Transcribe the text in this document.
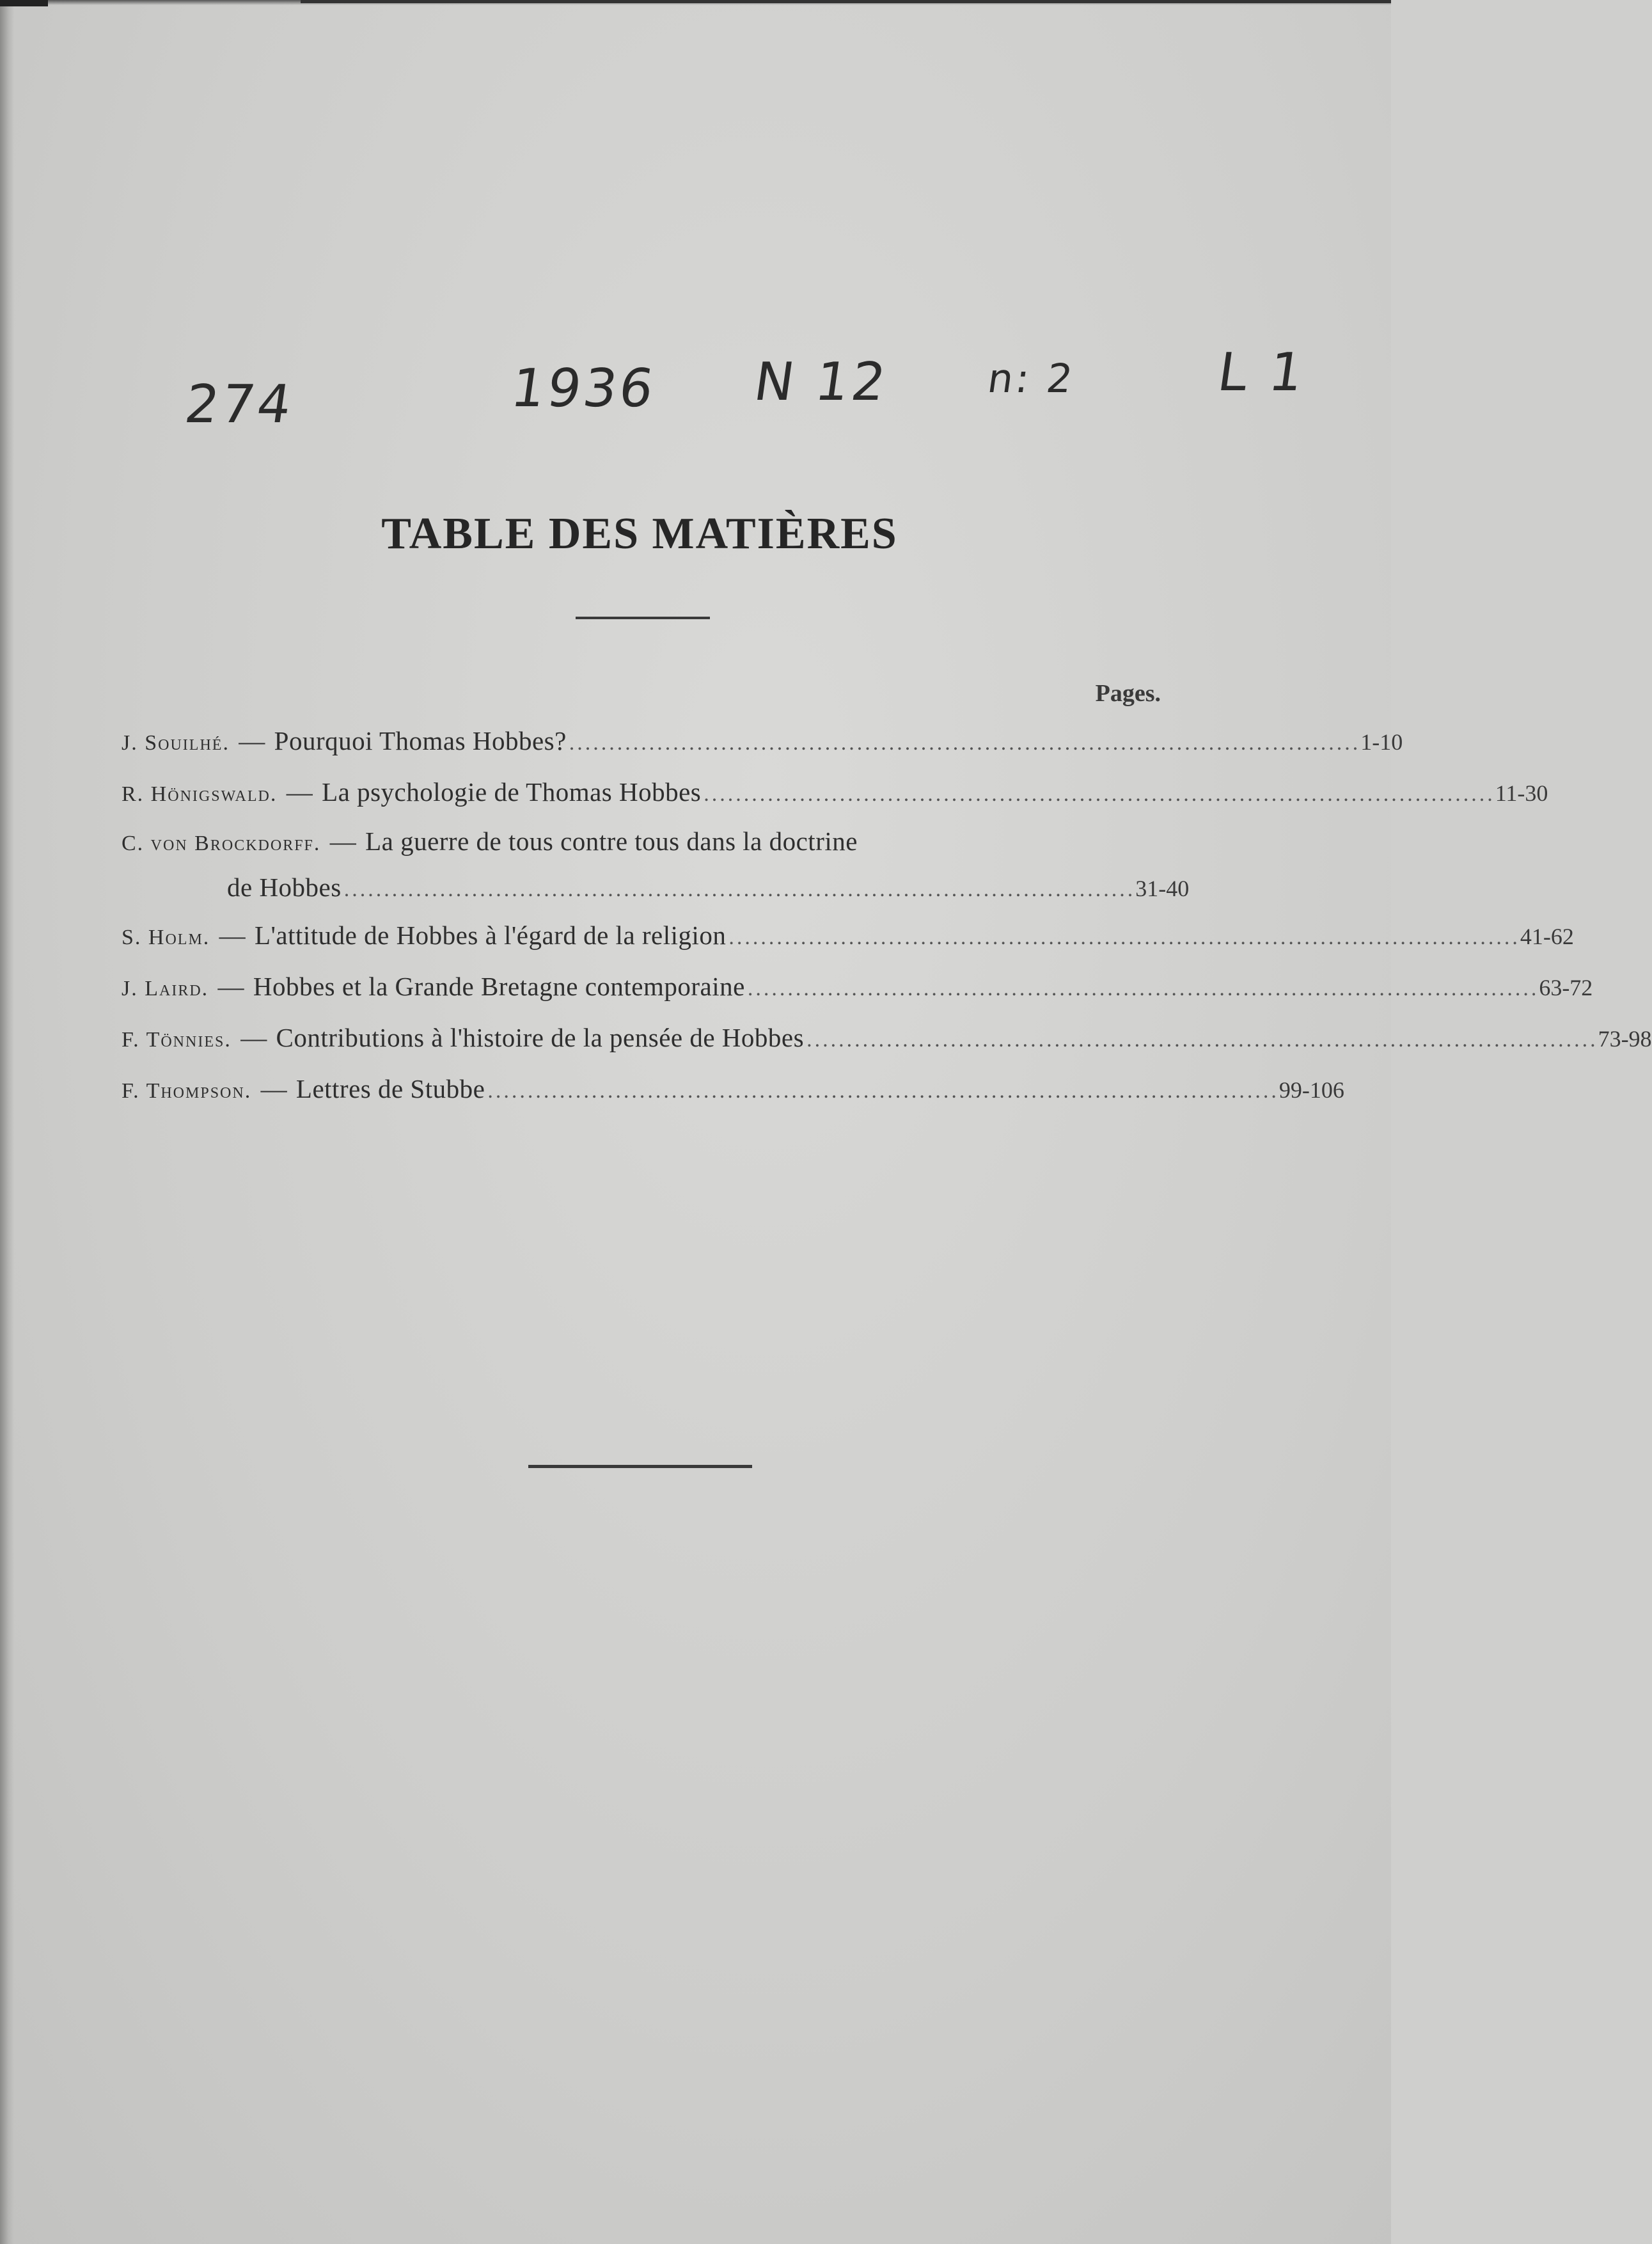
274	1936 N 12 n: 2	L 1
TABLE DES MATIÈRES
Pages.
J. Souilhé. — Pourquoi Thomas Hobbes? ................................................................................................... 1-10
R. Hönigswald. — La psychologie de Thomas Hobbes ................................................................................................... 11-30
C. von Brockdorff. — La guerre de tous contre tous dans la doctrine
de Hobbes ................................................................................................... 31-40
S. Holm. — L'attitude de Hobbes à l'égard de la religion ................................................................................................... 41-62
J. Laird. — Hobbes et la Grande Bretagne contemporaine ................................................................................................... 63-72
F. Tönnies. — Contributions à l'histoire de la pensée de Hobbes ................................................................................................... 73-98
F. Thompson. — Lettres de Stubbe ................................................................................................... 99-106
